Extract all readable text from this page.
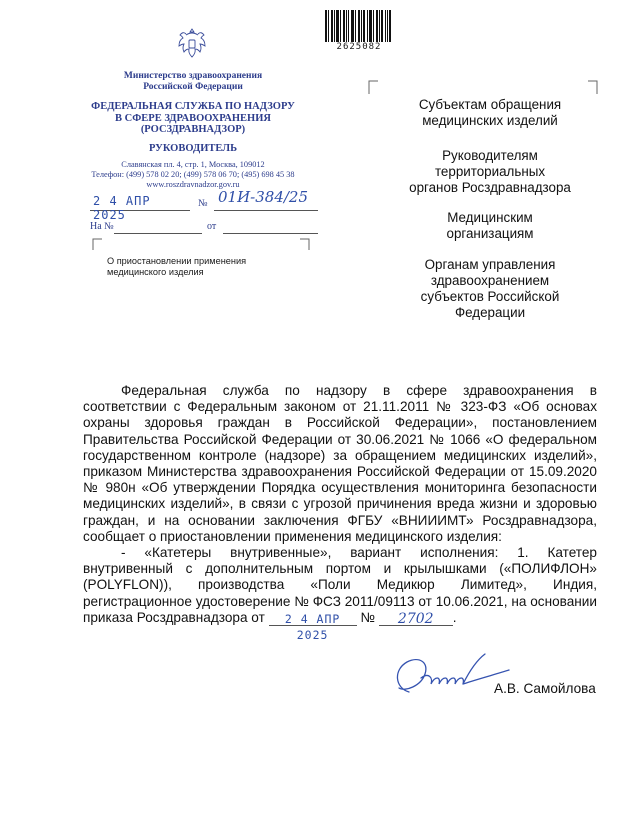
2625082
Министерство здравоохранения
Российской Федерации
ФЕДЕРАЛЬНАЯ СЛУЖБА ПО НАДЗОРУ
В СФЕРЕ ЗДРАВООХРАНЕНИЯ
(РОСЗДРАВНАДЗОР)
РУКОВОДИТЕЛЬ
Славянская пл. 4, стр. 1, Москва, 109012
Телефон: (499) 578 02 20; (499) 578 06 70; (495) 698 45 38
www.roszdravnadzor.gov.ru
2 4 АПР 2025
№ 01И-384/25
На №	от
О приостановлении применения
медицинского изделия
Субъектам обращения
медицинских изделий
Руководителям
территориальных
органов Росздравнадзора
Медицинским
организациям
Органам управления
здравоохранением
субъектов Российской
Федерации
Федеральная служба по надзору в сфере здравоохранения в соответствии с Федеральным законом от 21.11.2011 № 323-ФЗ «Об основах охраны здоровья граждан в Российской Федерации», постановлением Правительства Российской Федерации от 30.06.2021 № 1066 «О федеральном государственном контроле (надзоре) за обращением медицинских изделий», приказом Министерства здравоохранения Российской Федерации от 15.09.2020 № 980н «Об утверждении Порядка осуществления мониторинга безопасности медицинских изделий», в связи с угрозой причинения вреда жизни и здоровью граждан, и на основании заключения ФГБУ «ВНИИИМТ» Росздравнадзора, сообщает о приостановлении применения медицинского изделия:
- «Катетеры внутривенные», вариант исполнения: 1. Катетер внутривенный с дополнительным портом и крылышками («ПОЛИФЛОН» (POLYFLON)), производства «Поли Медикюр Лимитед», Индия, регистрационное удостоверение № ФСЗ 2011/09113 от 10.06.2021, на основании приказа Росздравнадзора от 2 4 АПР 2025 № 2702 .
А.В. Самойлова
